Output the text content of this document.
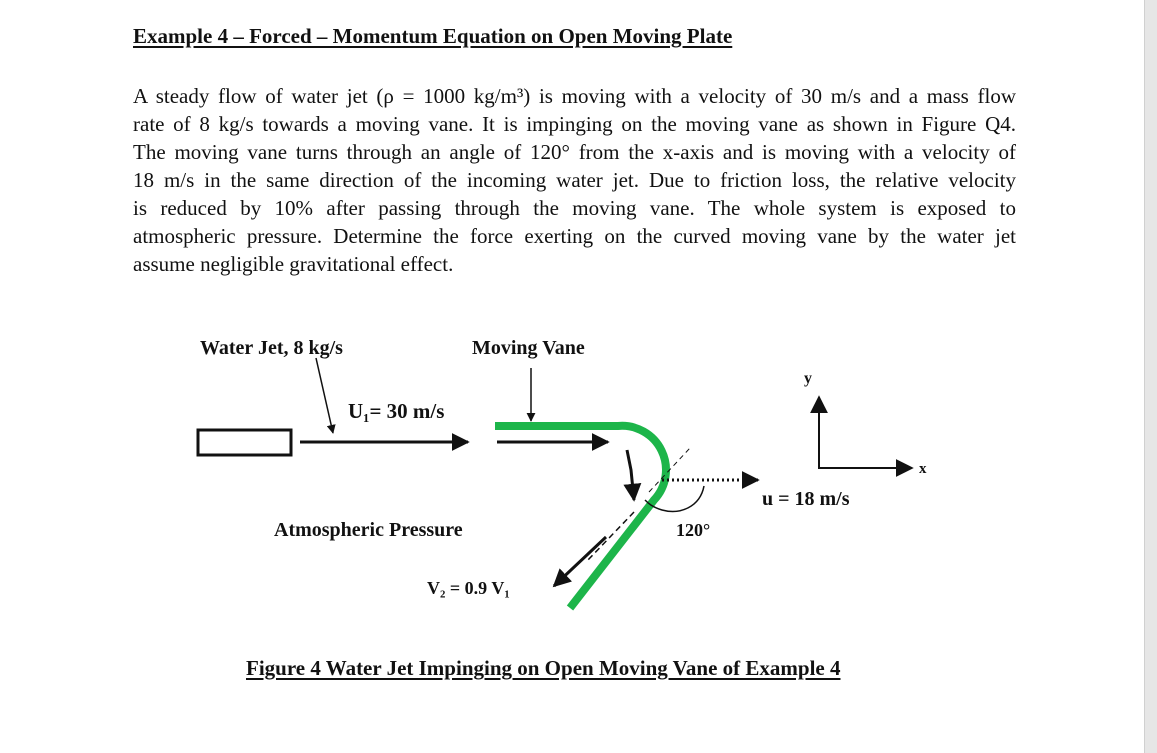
Example 4 – Forced – Momentum Equation on Open Moving Plate
A steady flow of water jet (ρ = 1000 kg/m³) is moving with a velocity of 30 m/s and a mass flow
rate of 8 kg/s towards a moving vane. It is impinging on the moving vane as shown in Figure Q4.
The moving vane turns through an angle of 120° from the x-axis and is moving with a velocity of
18 m/s in the same direction of the incoming water jet. Due to friction loss, the relative velocity
is reduced by 10% after passing through the moving vane. The whole system is exposed to
atmospheric pressure. Determine the force exerting on the curved moving vane by the water jet
assume negligible gravitational effect.
Water Jet, 8 kg/s	Moving Vane
U₁= 30 m/s
y
x
u = 18 m/s
Atmospheric Pressure	120°
V₂ = 0.9 V₁
Figure 4 Water Jet Impinging on Open Moving Vane of Example 4
